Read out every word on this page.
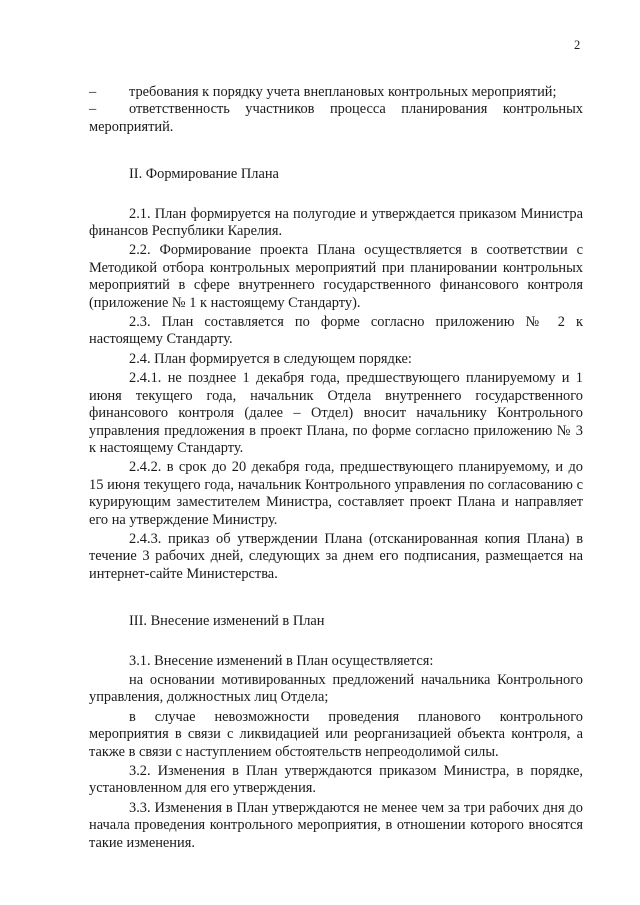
2

– требования к порядку учета внеплановых контрольных мероприятий;

– ответственность участников процесса планирования контрольных мероприятий.

II. Формирование Плана

2.1. План формируется на полугодие и утверждается приказом Министра финансов Республики Карелия.

2.2. Формирование проекта Плана осуществляется в соответствии с Методикой отбора контрольных мероприятий при планировании контрольных мероприятий в сфере внутреннего государственного финансового контроля (приложение № 1 к настоящему Стандарту).

2.3. План составляется по форме согласно приложению № 2 к настоящему Стандарту.

2.4. План формируется в следующем порядке:

2.4.1. не позднее 1 декабря года, предшествующего планируемому и 1 июня текущего года, начальник Отдела внутреннего государственного финансового контроля (далее – Отдел) вносит начальнику Контрольного управления предложения в проект Плана, по форме согласно приложению № 3 к настоящему Стандарту.

2.4.2. в срок до 20 декабря года, предшествующего планируемому, и до 15 июня текущего года, начальник Контрольного управления по согласованию с курирующим заместителем Министра, составляет проект Плана и направляет его на утверждение Министру.

2.4.3. приказ об утверждении Плана (отсканированная копия Плана) в течение 3 рабочих дней, следующих за днем его подписания, размещается на интернет-сайте Министерства.

III. Внесение изменений в План

3.1. Внесение изменений в План осуществляется:

на основании мотивированных предложений начальника Контрольного управления, должностных лиц Отдела;

в случае невозможности проведения планового контрольного мероприятия в связи с ликвидацией или реорганизацией объекта контроля, а также в связи с наступлением обстоятельств непреодолимой силы.

3.2. Изменения в План утверждаются приказом Министра, в порядке, установленном для его утверждения.

3.3. Изменения в План утверждаются не менее чем за три рабочих дня до начала проведения контрольного мероприятия, в отношении которого вносятся такие изменения.
